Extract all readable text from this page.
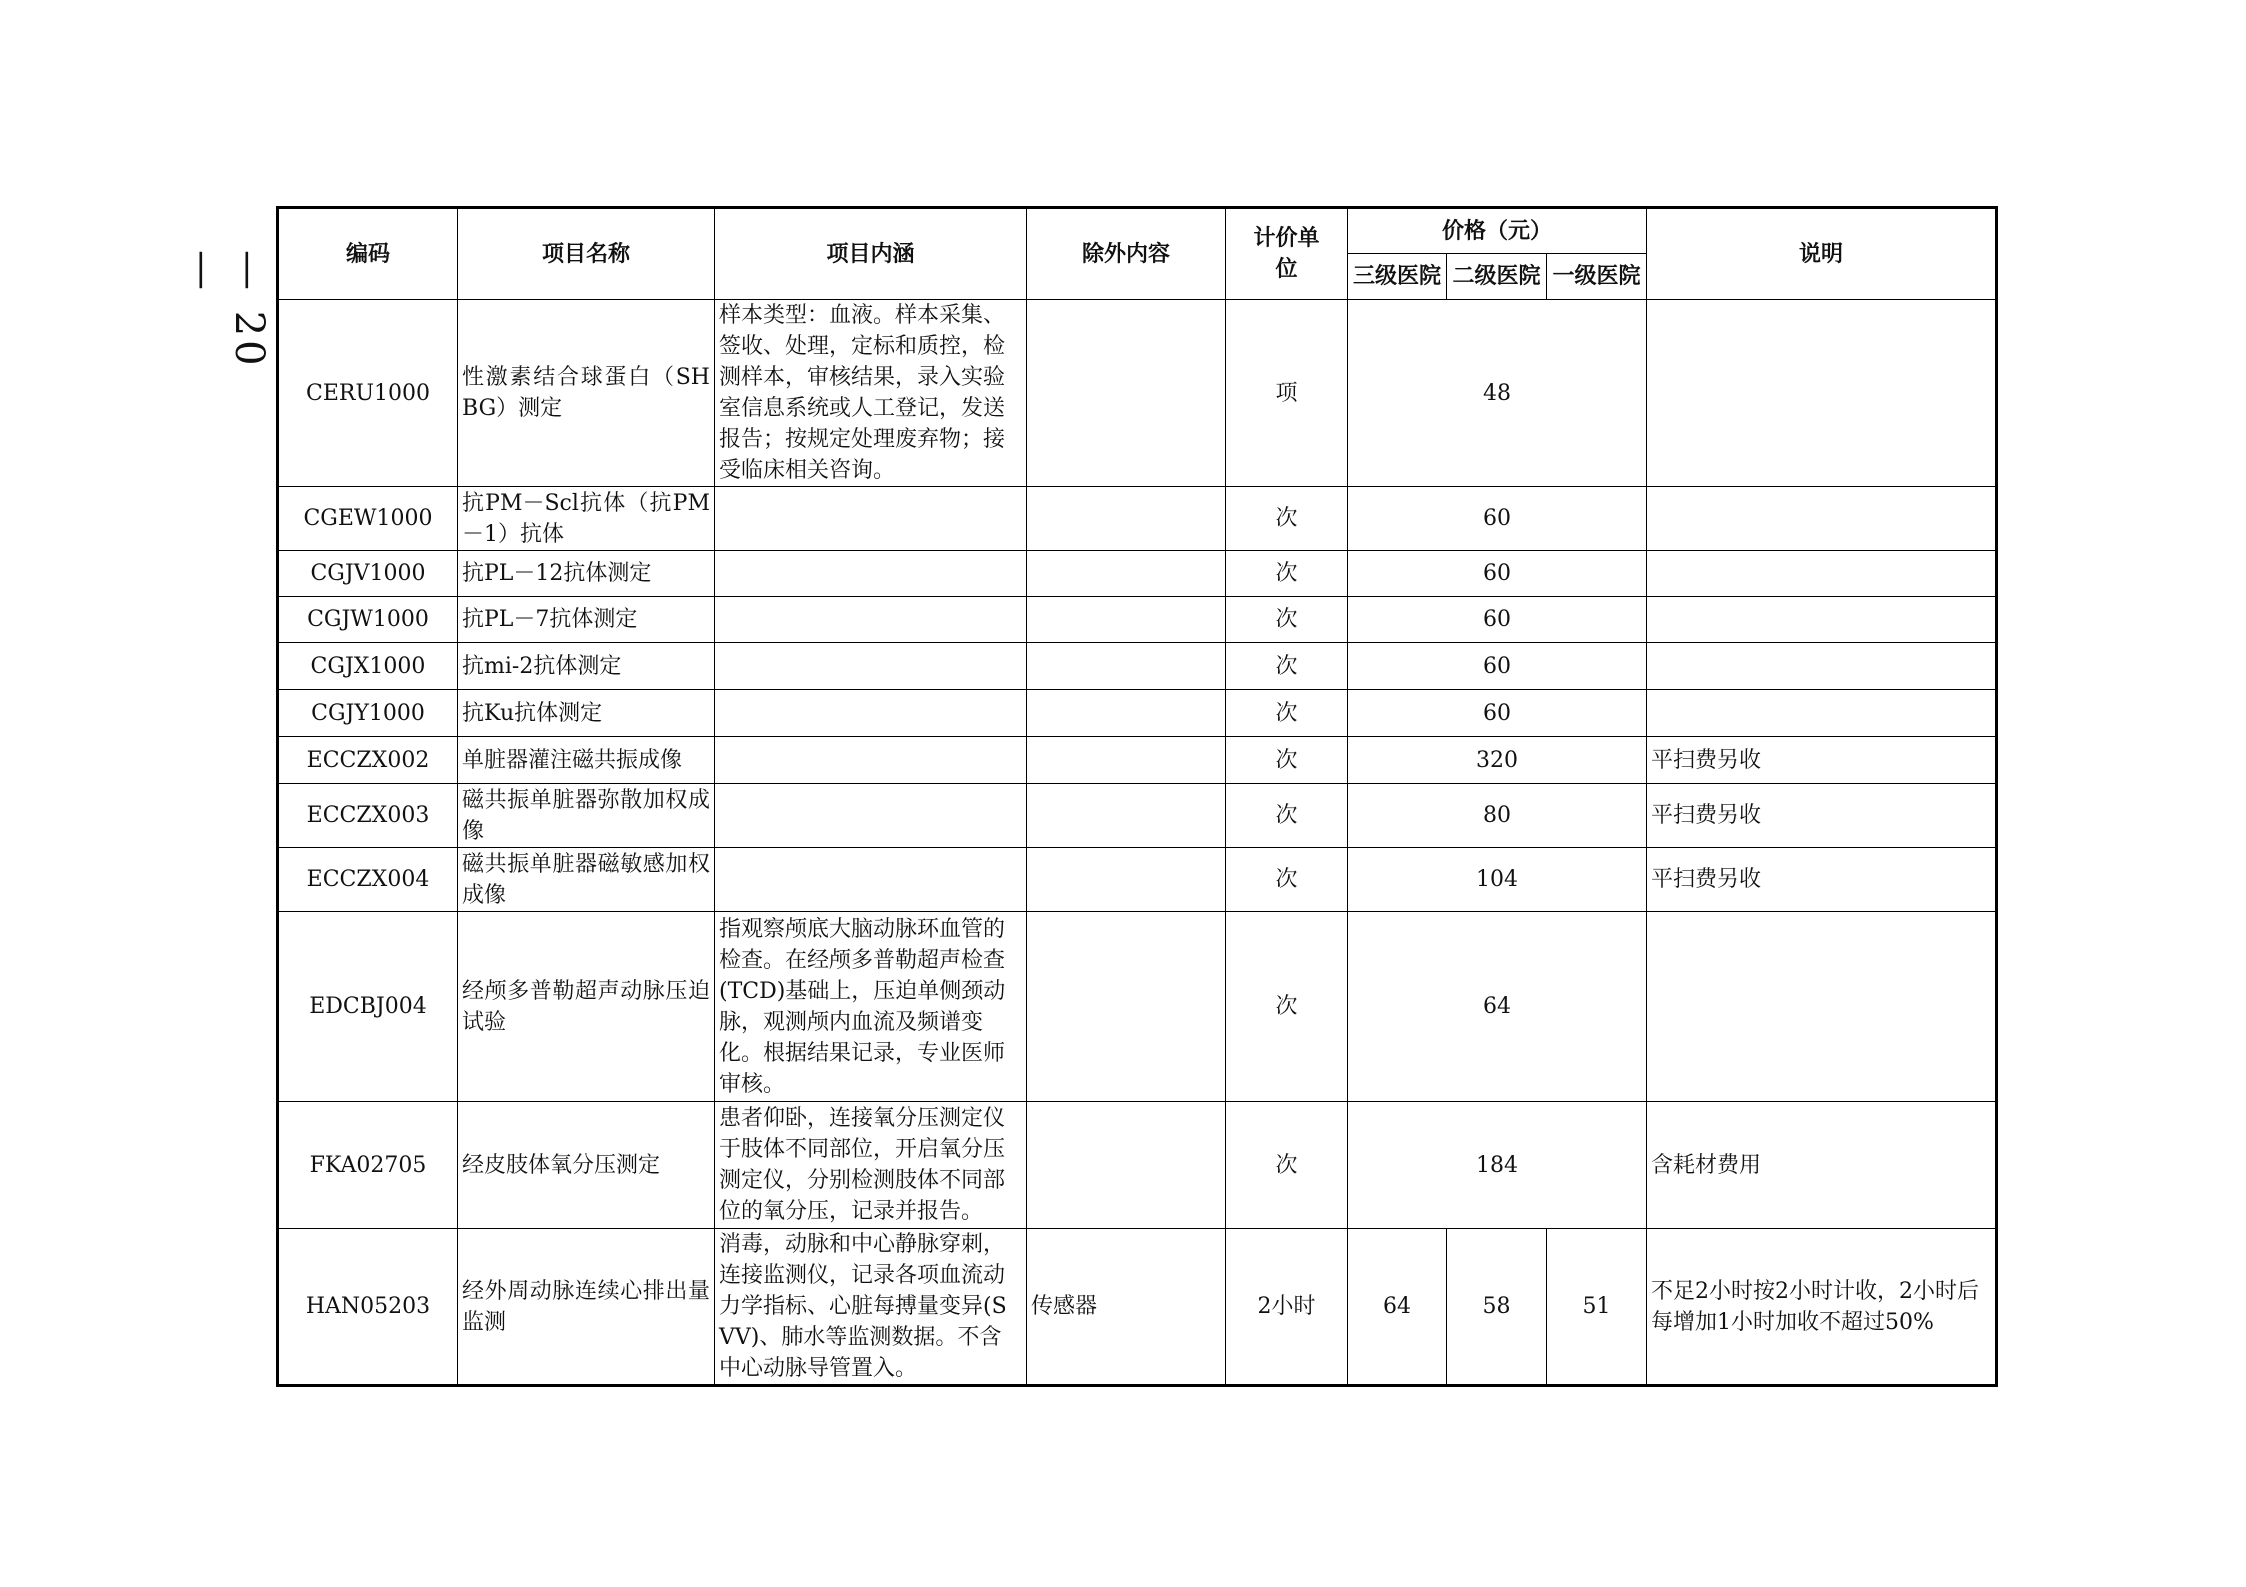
— 20 —	编码	项目名称	项目内涵	除外内容	计价单位	价格（元）			说明
					三级医院	二级医院	一级医院	
CERU1000	性激素结合球蛋白（SHBG）测定	样本类型：血液。样本采集、签收、处理，定标和质控，检测样本，审核结果，录入实验室信息系统或人工登记，发送报告；按规定处理废弃物；接受临床相关咨询。		项	48			
CGEW1000	抗PM－Scl抗体（抗PM－1）抗体			次	60			
CGJV1000	抗PL－12抗体测定			次	60			
CGJW1000	抗PL－7抗体测定			次	60			
CGJX1000	抗mi-2抗体测定			次	60			
CGJY1000	抗Ku抗体测定			次	60			
ECCZX002	单脏器灌注磁共振成像			次	320			平扫费另收
ECCZX003	磁共振单脏器弥散加权成像			次	80			平扫费另收
ECCZX004	磁共振单脏器磁敏感加权成像			次	104			平扫费另收
EDCBJ004	经颅多普勒超声动脉压迫试验	指观察颅底大脑动脉环血管的检查。在经颅多普勒超声检查(TCD)基础上，压迫单侧颈动脉，观测颅内血流及频谱变化。根据结果记录，专业医师审核。		次	64			
FKA02705	经皮肢体氧分压测定	患者仰卧，连接氧分压测定仪于肢体不同部位，开启氧分压测定仪，分别检测肢体不同部位的氧分压，记录并报告。		次	184			含耗材费用
HAN05203	经外周动脉连续心排出量监测	消毒，动脉和中心静脉穿刺，连接监测仪，记录各项血流动力学指标、心脏每搏量变异(SVV)、肺水等监测数据。不含中心动脉导管置入。	传感器	2小时	64	58	51	不足2小时按2小时计收，2小时后每增加1小时加收不超过50%
